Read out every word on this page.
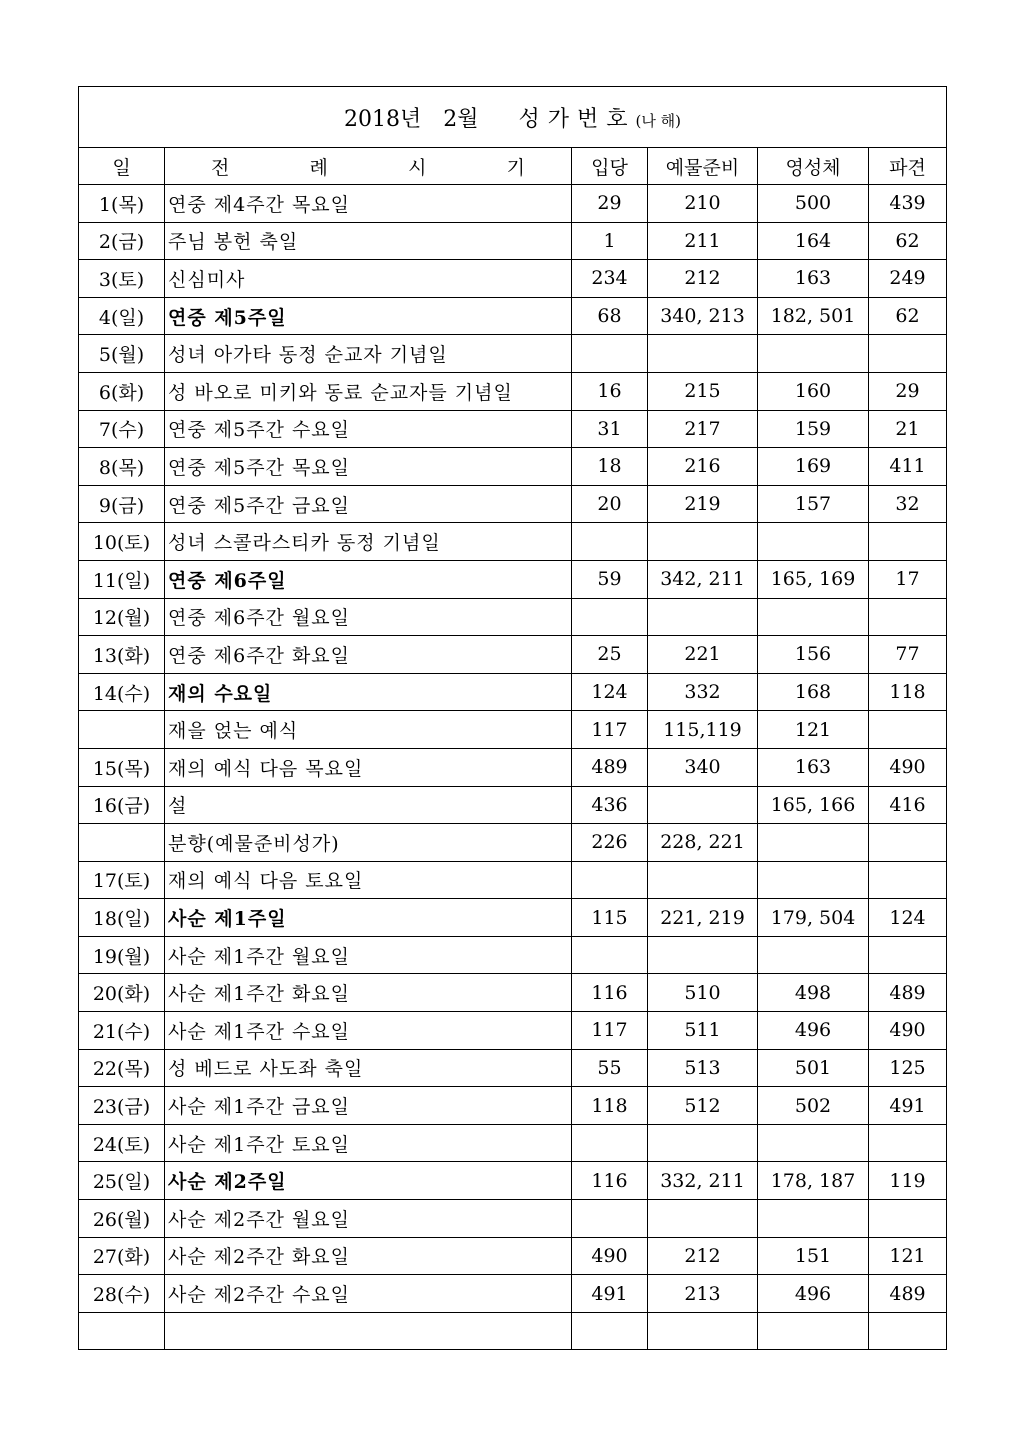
2018년 2월 성가번호(나 해)					
일	전 례 시 기	입당	예물준비	영성체	파견
1(목)	연중 제4주간 목요일	29	210	500	439
2(금)	주님 봉헌 축일	1	211	164	62
3(토)	신심미사	234	212	163	249
4(일)	연중 제5주일	68	340, 213	182, 501	62
5(월)	성녀 아가타 동정 순교자 기념일				
6(화)	성 바오로 미키와 동료 순교자들 기념일	16	215	160	29
7(수)	연중 제5주간 수요일	31	217	159	21
8(목)	연중 제5주간 목요일	18	216	169	411
9(금)	연중 제5주간 금요일	20	219	157	32
10(토)	성녀 스콜라스티카 동정 기념일				
11(일)	연중 제6주일	59	342, 211	165, 169	17
12(월)	연중 제6주간 월요일				
13(화)	연중 제6주간 화요일	25	221	156	77
14(수)	재의 수요일	124	332	168	118
	재을 얹는 예식	117	115,119	121	
15(목)	재의 예식 다음 목요일	489	340	163	490
16(금)	설	436		165, 166	416
	분향(예물준비성가)	226	228, 221		
17(토)	재의 예식 다음 토요일				
18(일)	사순 제1주일	115	221, 219	179, 504	124
19(월)	사순 제1주간 월요일				
20(화)	사순 제1주간 화요일	116	510	498	489
21(수)	사순 제1주간 수요일	117	511	496	490
22(목)	성 베드로 사도좌 축일	55	513	501	125
23(금)	사순 제1주간 금요일	118	512	502	491
24(토)	사순 제1주간 토요일				
25(일)	사순 제2주일	116	332, 211	178, 187	119
26(월)	사순 제2주간 월요일				
27(화)	사순 제2주간 화요일	490	212	151	121
28(수)	사순 제2주간 수요일	491	213	496	489
